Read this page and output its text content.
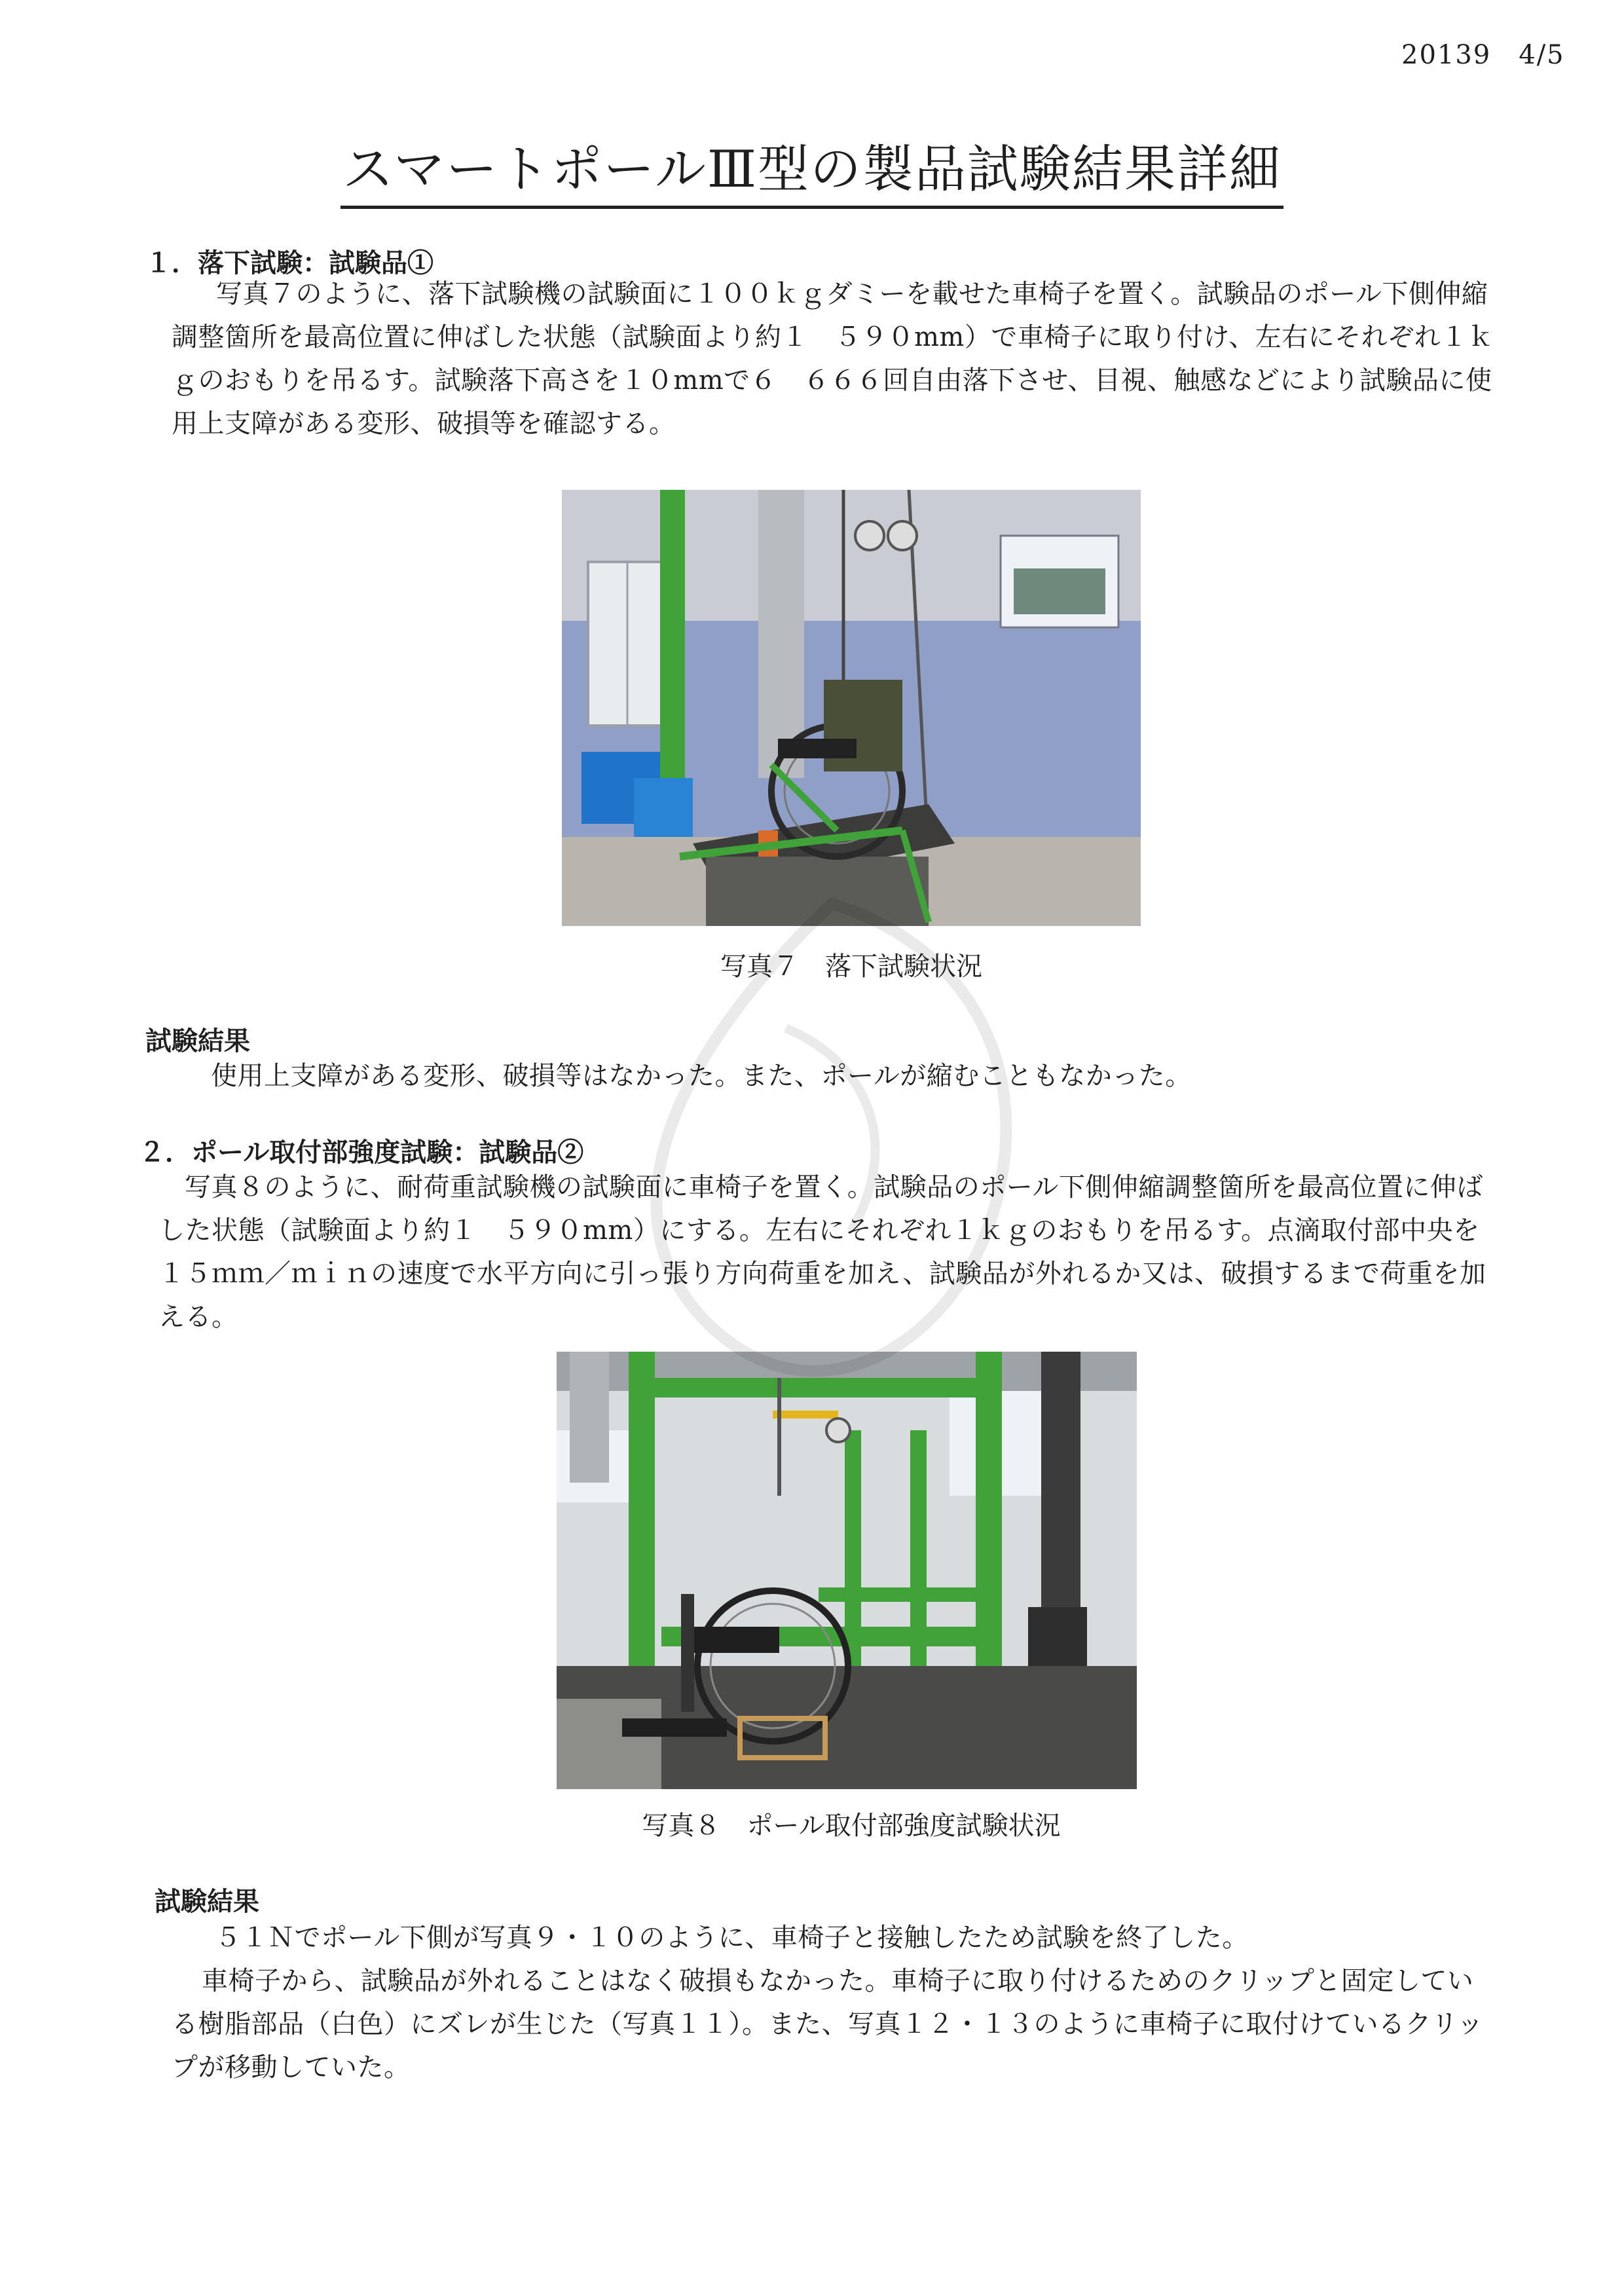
20139　4/5
スマートポールⅢ型の製品試験結果詳細
１．落下試験：試験品①

写真７のように、落下試験機の試験面に１００ｋｇダミーを載せた車椅子を置く。試験品のポール下側伸縮調整箇所を最高位置に伸ばした状態（試験面より約１　５９０mm）で車椅子に取り付け、左右にそれぞれ１ｋｇのおもりを吊るす。試験落下高さを１０mmで６　６６６回自由落下させ、目視、触感などにより試験品に使用上支障がある変形、破損等を確認する。

写真７　落下試験状況
試験結果

使用上支障がある変形、破損等はなかった。また、ポールが縮むこともなかった。

２．ポール取付部強度試験：試験品②

写真８のように、耐荷重試験機の試験面に車椅子を置く。試験品のポール下側伸縮調整箇所を最高位置に伸ばした状態（試験面より約１　５９０mm）にする。左右にそれぞれ１ｋｇのおもりを吊るす。点滴取付部中央を１５ｍｍ／ｍｉｎの速度で水平方向に引っ張り方向荷重を加え、試験品が外れるか又は、破損するまで荷重を加える。

写真８　ポール取付部強度試験状況
試験結果

５１Ｎでポール下側が写真９・１０のように、車椅子と接触したため試験を終了した。

車椅子から、試験品が外れることはなく破損もなかった。車椅子に取り付けるためのクリップと固定している樹脂部品（白色）にズレが生じた（写真１１）。また、写真１２・１３のように車椅子に取付けているクリップが移動していた。
